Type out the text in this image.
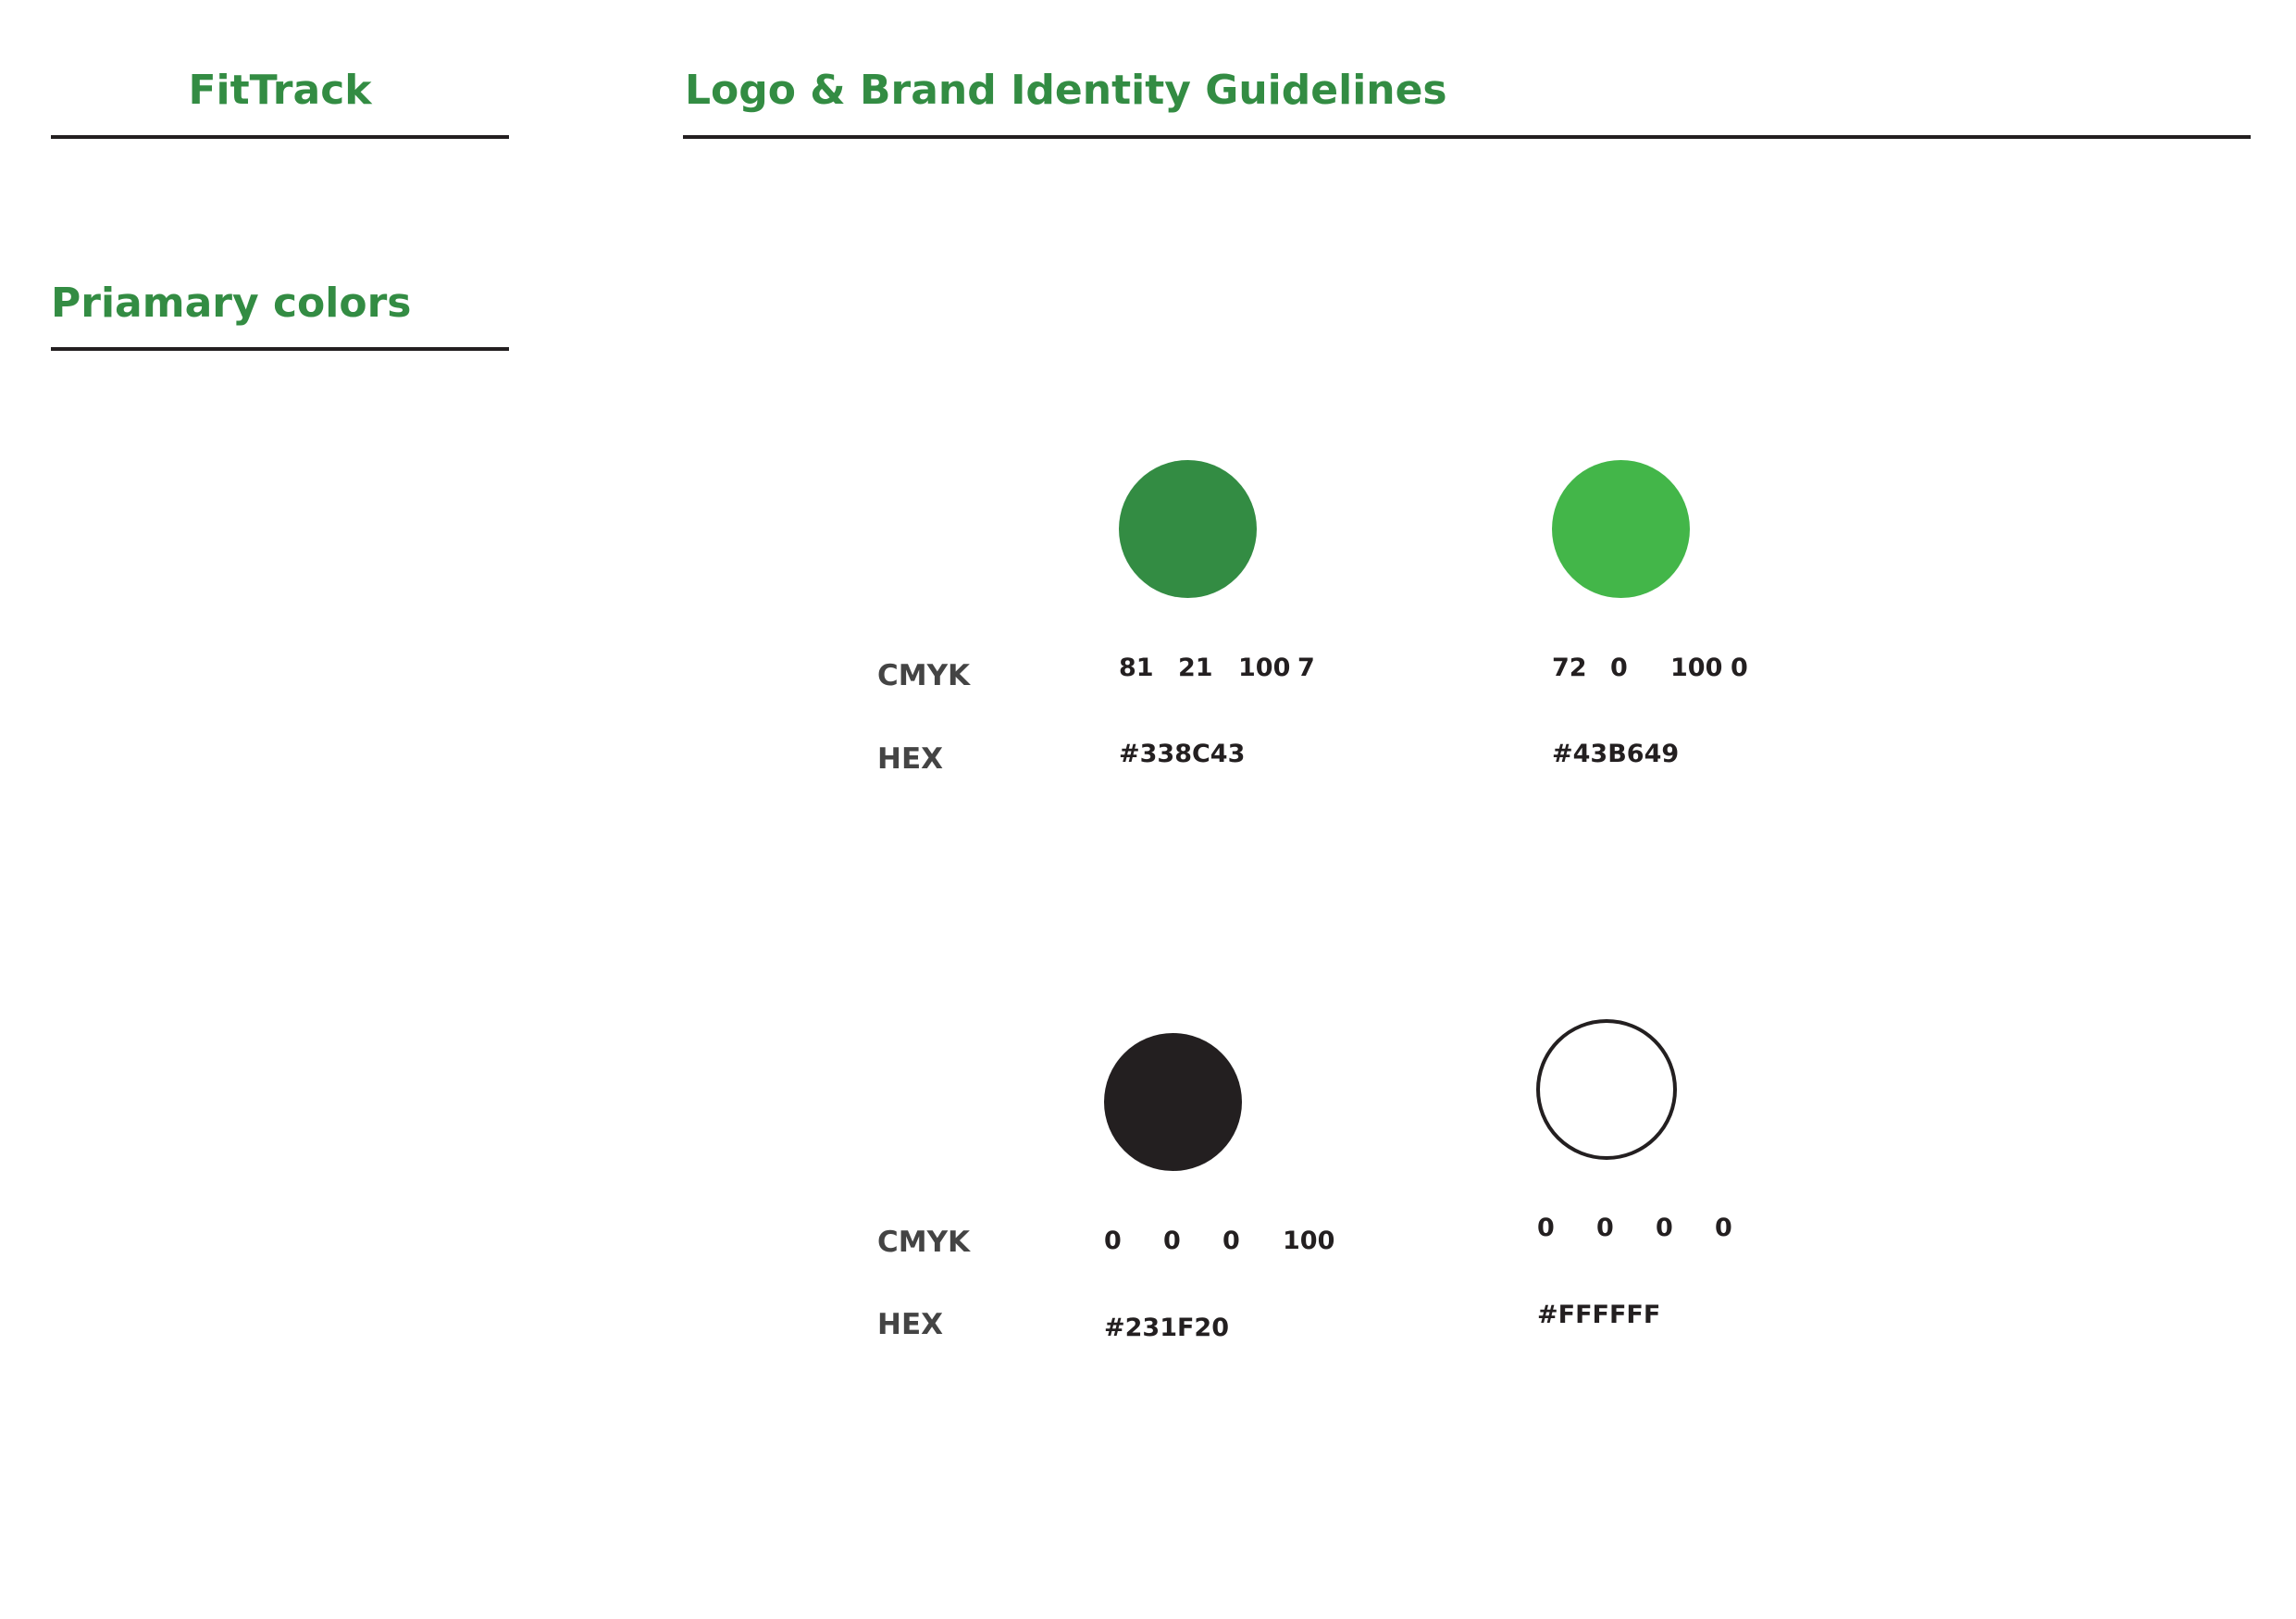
FitTrack	Logo & Brand Identity Guidelines
Priamary colors
CMYK
HEX
81 21 100 7
#338C43
72 0 100 0
#43B649
CMYK
HEX
0 0 0 100
#231F20
0 0 0 0
#FFFFFF
